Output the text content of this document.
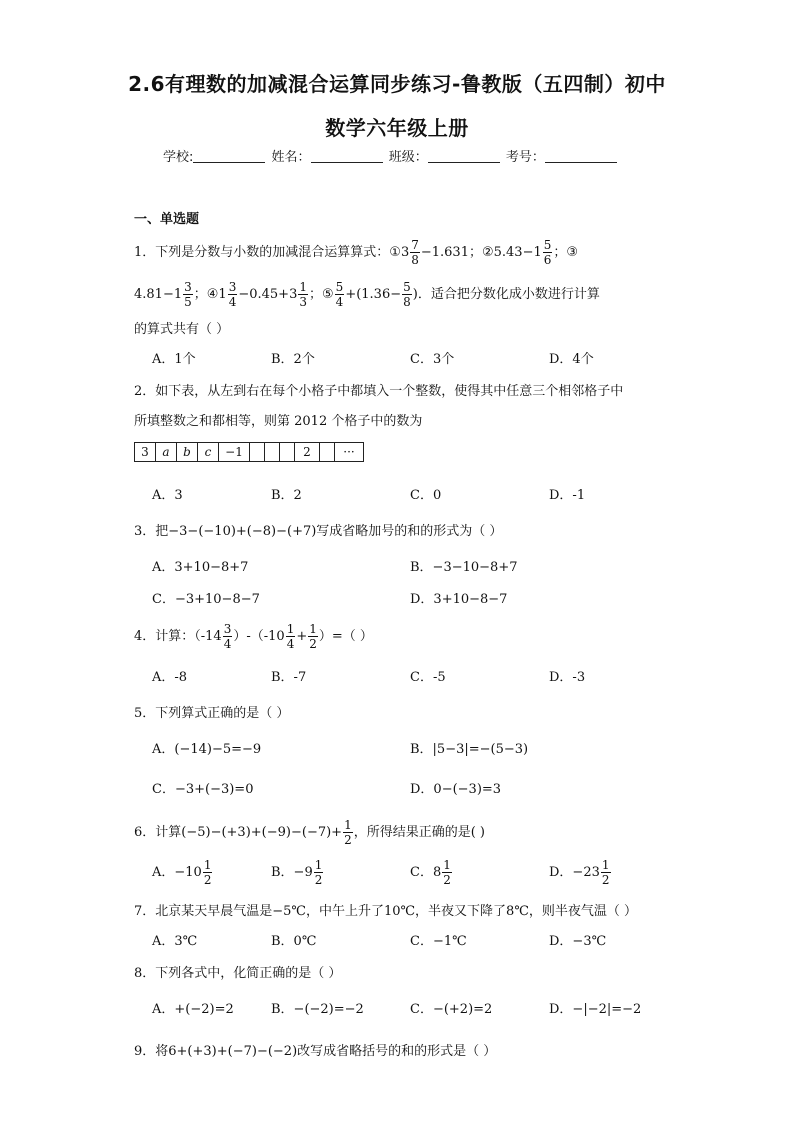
2.6有理数的加减混合运算同步练习-鲁教版（五四制）初中
数学六年级上册
学校:	姓名：	班级：	考号：
一、单选题
1．下列是分数与小数的加减混合运算算式：①3 $\frac{7}{8} -1.631$；②5.43−1 $\frac{5}{6}$ ；③
$4.81-1 \frac{3}{5}$ ；④1 $\frac{3}{4} -0.45+3 \frac{1}{3}$ ；⑤ $\frac{5}{4} +(1.36- \frac{5}{8}$ )．适合把分数化成小数进行计算
的算式共有（ ）
A．1个	B．2个	C．3个	D．4个
2．如下表，从左到右在每个小格子中都填入一个整数，使得其中任意三个相邻格子中
所填整数之和都相等，则第 2012 个格子中的数为
3	a	b	c	−1				2		···
A．3	B．2	C．0	D．-1
3．把−3−(−10)+(−8)−(+7)写成省略加号的和的形式为（ ）
A．3+10−8+7	B．−3−10−8+7
C．−3+10−8−7	D．3+10−8−7
4．计算：$(-14 \frac{3}{4} )-(-10 \frac{1}{4} + \frac{1}{2}$ ）=（ ）
A．-8	B．-7	C．-5	D．-3
5．下列算式正确的是（ ）
A．(−14)−5=−9	B．|5−3|=−(5−3)
C．−3+(−3)=0	D．0−(−3)=3
6．计算$(-5)-(+3)+(-9)-(-7)+ \frac{1}{2}$ ，所得结果正确的是( )
A．$-10 \frac{1}{2}$	B．$-9 \frac{1}{2}$	C．$8 \frac{1}{2}$	D．$-23 \frac{1}{2}$
7．北京某天早晨气温是−5℃，中午上升了10℃，半夜又下降了8℃，则半夜气温（ ）
A．3℃	B．0℃	C．−1℃	D．−3℃
8．下列各式中，化简正确的是（ ）
A．+(−2)=2	B．−(−2)=−2	C．−(+2)=2	D．−|−2|=−2
9．将6+(+3)+(−7)−(−2)改写成省略括号的和的形式是（ ）
